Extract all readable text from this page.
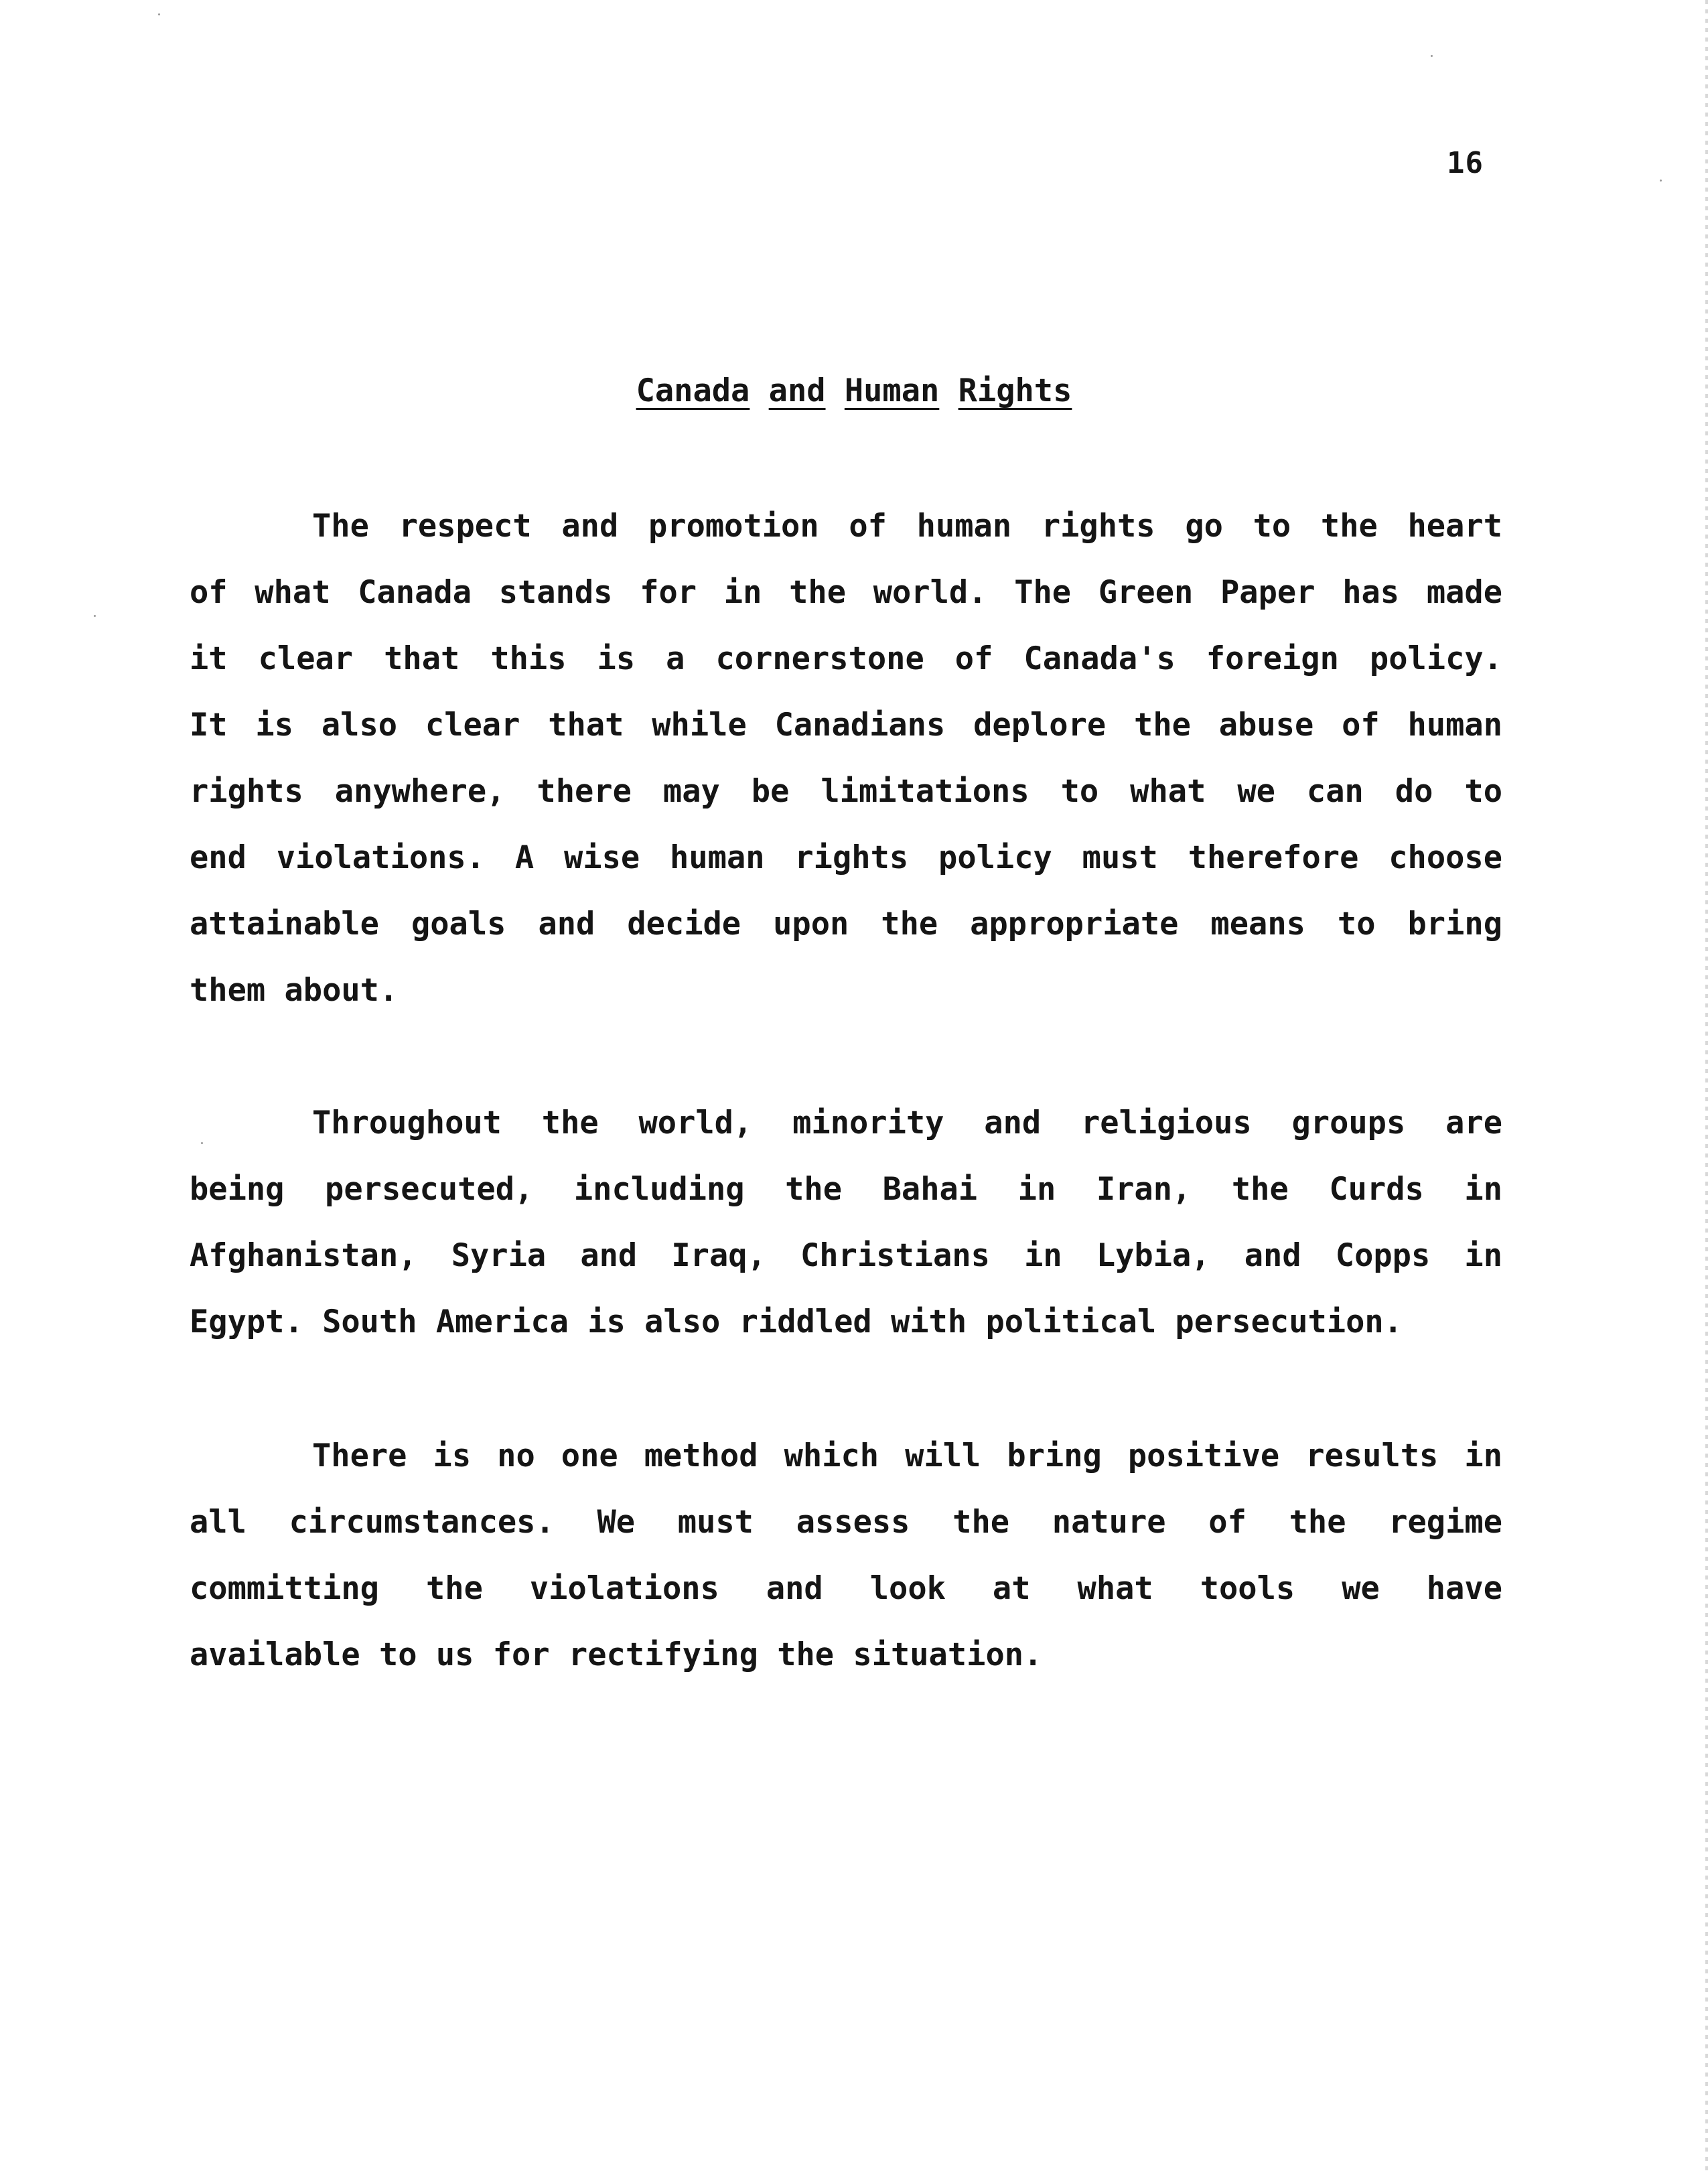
16
Canada and Human Rights
The respect and promotion of human rights go to the heart
of what Canada stands for in the world. The Green Paper has made
it clear that this is a cornerstone of Canada's foreign policy.
It is also clear that while Canadians deplore the abuse of human
rights anywhere, there may be limitations to what we can do to
end violations. A wise human rights policy must therefore choose
attainable goals and decide upon the appropriate means to bring
them about.
Throughout the world, minority and religious groups are
being persecuted, including the Bahai in Iran, the Curds in
Afghanistan, Syria and Iraq, Christians in Lybia, and Copps in
Egypt. South America is also riddled with political persecution.
There is no one method which will bring positive results in
all circumstances. We must assess the nature of the regime
committing the violations and look at what tools we have
available to us for rectifying the situation.
